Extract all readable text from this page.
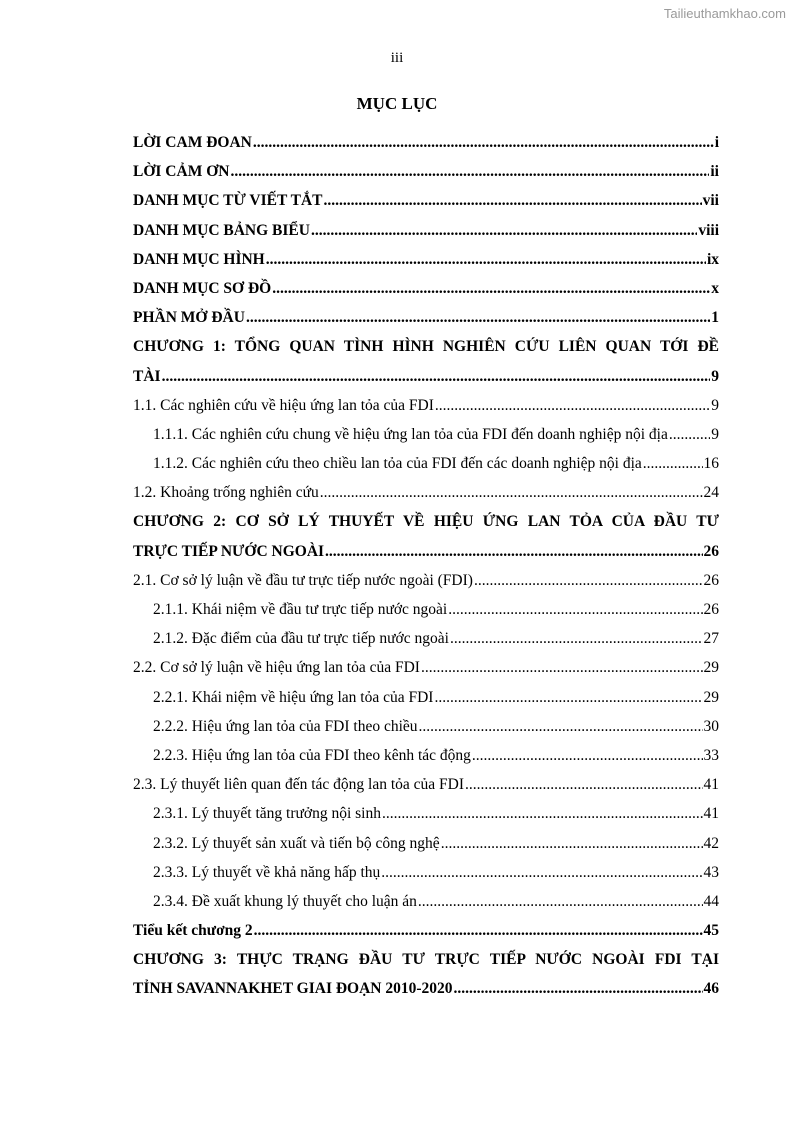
Tailieuthamkhao.com
iii
MỤC LỤC
LỜI CAM ĐOAN .....	i
LỜI CẢM ƠN .....	ii
DANH MỤC TỪ VIẾT TẮT .....	vii
DANH MỤC BẢNG BIỂU .....	viii
DANH MỤC HÌNH .....	ix
DANH MỤC SƠ ĐỒ .....	x
PHẦN MỞ ĐẦU .....	1
CHƯƠNG 1: TỔNG QUAN TÌNH HÌNH NGHIÊN CỨU LIÊN QUAN TỚI ĐỀ
TÀI .....	9
1.1. Các nghiên cứu về hiệu ứng lan tỏa của FDI .....	9
1.1.1. Các nghiên cứu chung về hiệu ứng lan tỏa của FDI đến doanh nghiệp nội địa .....	9
1.1.2. Các nghiên cứu theo chiều lan tỏa của FDI đến các doanh nghiệp nội địa .....	16
1.2. Khoảng trống nghiên cứu .....	24
CHƯƠNG 2: CƠ SỞ LÝ THUYẾT VỀ HIỆU ỨNG LAN TỎA CỦA ĐẦU TƯ
TRỰC TIẾP NƯỚC NGOÀI .....	26
2.1. Cơ sở lý luận về đầu tư trực tiếp nước ngoài (FDI) .....	26
2.1.1. Khái niệm về đầu tư trực tiếp nước ngoài .....	26
2.1.2. Đặc điểm của đầu tư trực tiếp nước ngoài .....	27
2.2. Cơ sở lý luận về hiệu ứng lan tỏa của FDI .....	29
2.2.1. Khái niệm về hiệu ứng lan tỏa của FDI .....	29
2.2.2. Hiệu ứng lan tỏa của FDI theo chiều .....	30
2.2.3. Hiệu ứng lan tỏa của FDI theo kênh tác động .....	33
2.3. Lý thuyết liên quan đến tác động lan tỏa của FDI .....	41
2.3.1. Lý thuyết tăng trưởng nội sinh .....	41
2.3.2. Lý thuyết sản xuất và tiến bộ công nghệ .....	42
2.3.3. Lý thuyết về khả năng hấp thụ .....	43
2.3.4. Đề xuất khung lý thuyết cho luận án .....	44
Tiểu kết chương 2 .....	45
CHƯƠNG 3: THỰC TRẠNG ĐẦU TƯ TRỰC TIẾP NƯỚC NGOÀI FDI TẠI
TỈNH SAVANNAKHET GIAI ĐOẠN 2010-2020 .....	46
